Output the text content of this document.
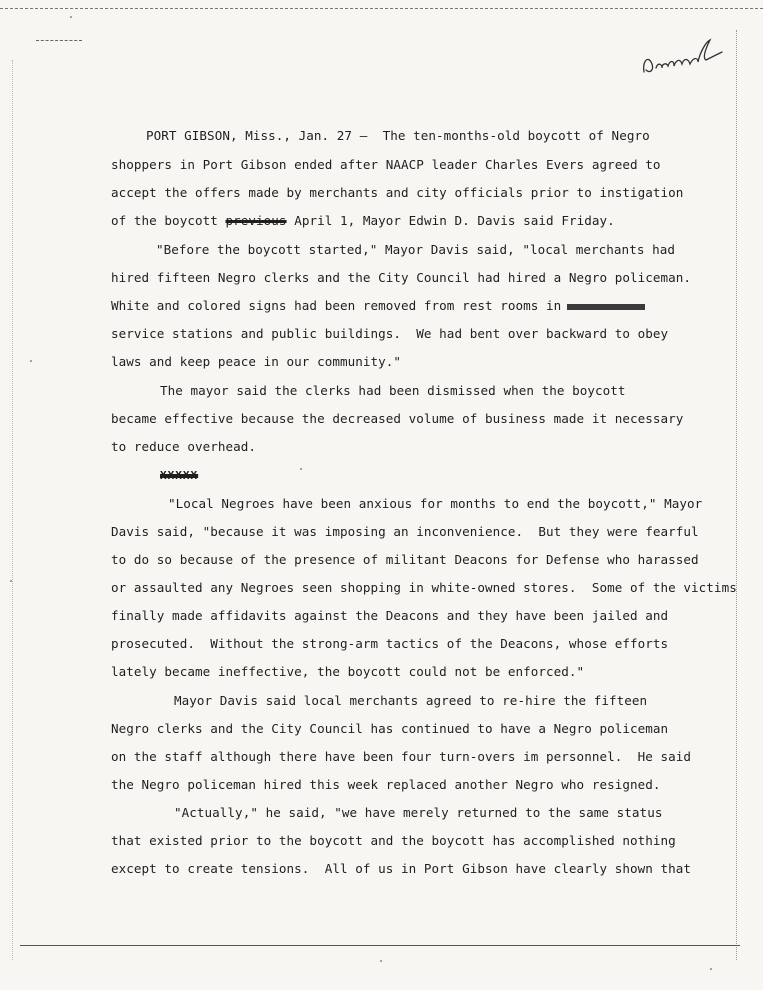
PORT GIBSON, Miss., Jan. 27 —  The ten-months-old boycott of Negro
shoppers in Port Gibson ended after NAACP leader Charles Evers agreed to
accept the offers made by merchants and city officials prior to instigation
of the boycott previous April 1, Mayor Edwin D. Davis said Friday.
"Before the boycott started," Mayor Davis said, "local merchants had
hired fifteen Negro clerks and the City Council had hired a Negro policeman.
White and colored signs had been removed from rest rooms in
service stations and public buildings.  We had bent over backward to obey
laws and keep peace in our community."
The mayor said the clerks had been dismissed when the boycott
became effective because the decreased volume of business made it necessary
to reduce overhead.
XXXXX
"Local Negroes have been anxious for months to end the boycott," Mayor
Davis said, "because it was imposing an inconvenience.  But they were fearful
to do so because of the presence of militant Deacons for Defense who harassed
or assaulted any Negroes seen shopping in white-owned stores.  Some of the victims
finally made affidavits against the Deacons and they have been jailed and
prosecuted.  Without the strong-arm tactics of the Deacons, whose efforts
lately became ineffective, the boycott could not be enforced."
Mayor Davis said local merchants agreed to re-hire the fifteen
Negro clerks and the City Council has continued to have a Negro policeman
on the staff although there have been four turn-overs im personnel.  He said
the Negro policeman hired this week replaced another Negro who resigned.
"Actually," he said, "we have merely returned to the same status
that existed prior to the boycott and the boycott has accomplished nothing
except to create tensions.  All of us in Port Gibson have clearly shown that
